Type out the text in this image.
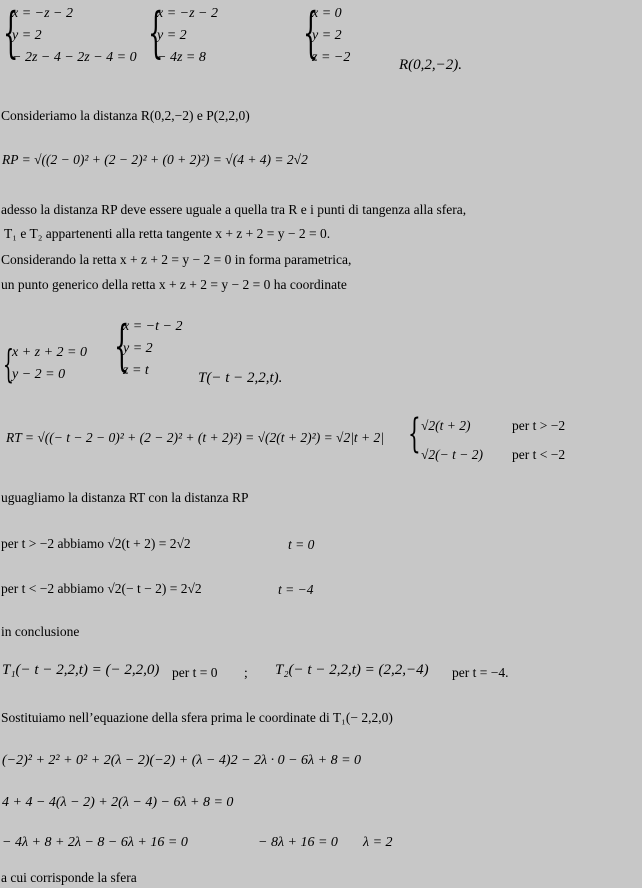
{
x = −z − 2
y = 2
− 2z − 4 − 2z − 4 = 0 {
x = −z − 2
y = 2
− 4z = 8 {
x = 0
y = 2
z = −2	R(0,2,−2).
Consideriamo la distanza R(0,2,−2) e P(2,2,0)
RP = √((2 − 0)² + (2 − 2)² + (0 + 2)²) = √(4 + 4) = 2√2
adesso la distanza RP deve essere uguale a quella tra R e i punti di tangenza alla sfera,
T₁ e T₂ appartenenti alla retta tangente x + z + 2 = y − 2 = 0.
Considerando la retta x + z + 2 = y − 2 = 0 in forma parametrica,
un punto generico della retta x + z + 2 = y − 2 = 0 ha coordinate
{
x + z + 2 = 0
y − 2 = 0 {
x = −t − 2
y = 2
z = t	T(− t − 2,2,t).
RT = √((− t − 2 − 0)² + (2 − 2)² + (t + 2)²) = √(2(t + 2)²) = √2|t + 2| { √2(t + 2)	per t > −2
√2(− t − 2) per t < −2
uguagliamo la distanza RT con la distanza RP
per t > −2 abbiamo √2(t + 2) = 2√2	t = 0
per t < −2 abbiamo √2(− t − 2) = 2√2	t = −4
in conclusione
T₁(− t − 2,2,t) = (− 2,2,0) per t = 0 ; T₂(− t − 2,2,t) = (2,2,−4) per t = −4.
Sostituiamo nell’equazione della sfera prima le coordinate di T₁(− 2,2,0)
(−2)² + 2² + 0² + 2(λ − 2)(−2) + (λ − 4)2 − 2λ · 0 − 6λ + 8 = 0
4 + 4 − 4(λ − 2) + 2(λ − 4) − 6λ + 8 = 0
− 4λ + 8 + 2λ − 8 − 6λ + 16 = 0	− 8λ + 16 = 0 λ = 2
a cui corrisponde la sfera
